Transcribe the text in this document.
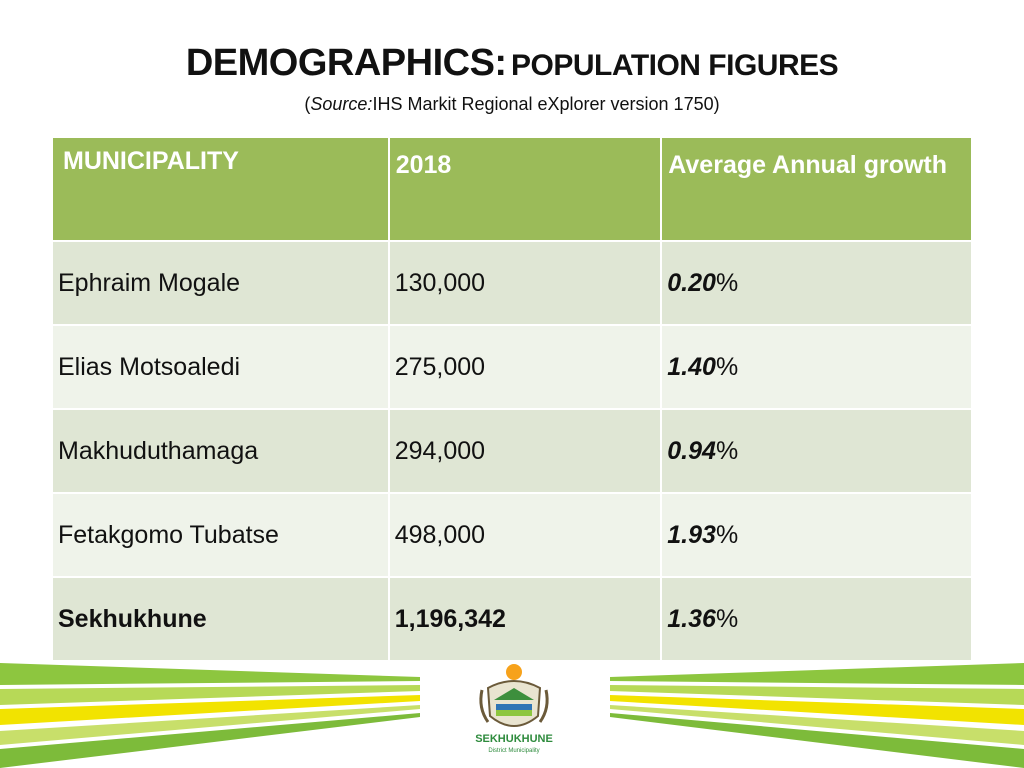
DEMOGRAPHICS: POPULATION FIGURES
(Source:IHS Markit Regional eXplorer version 1750)
MUNICIPALITY	2018	Average Annual growth
Ephraim Mogale	130,000	0.20%
Elias Motsoaledi	275,000	1.40%
Makhuduthamaga	294,000	0.94%
Fetakgomo Tubatse	498,000	1.93%
Sekhukhune	1,196,342	1.36%
SEKHUKHUNE
District Municipality
